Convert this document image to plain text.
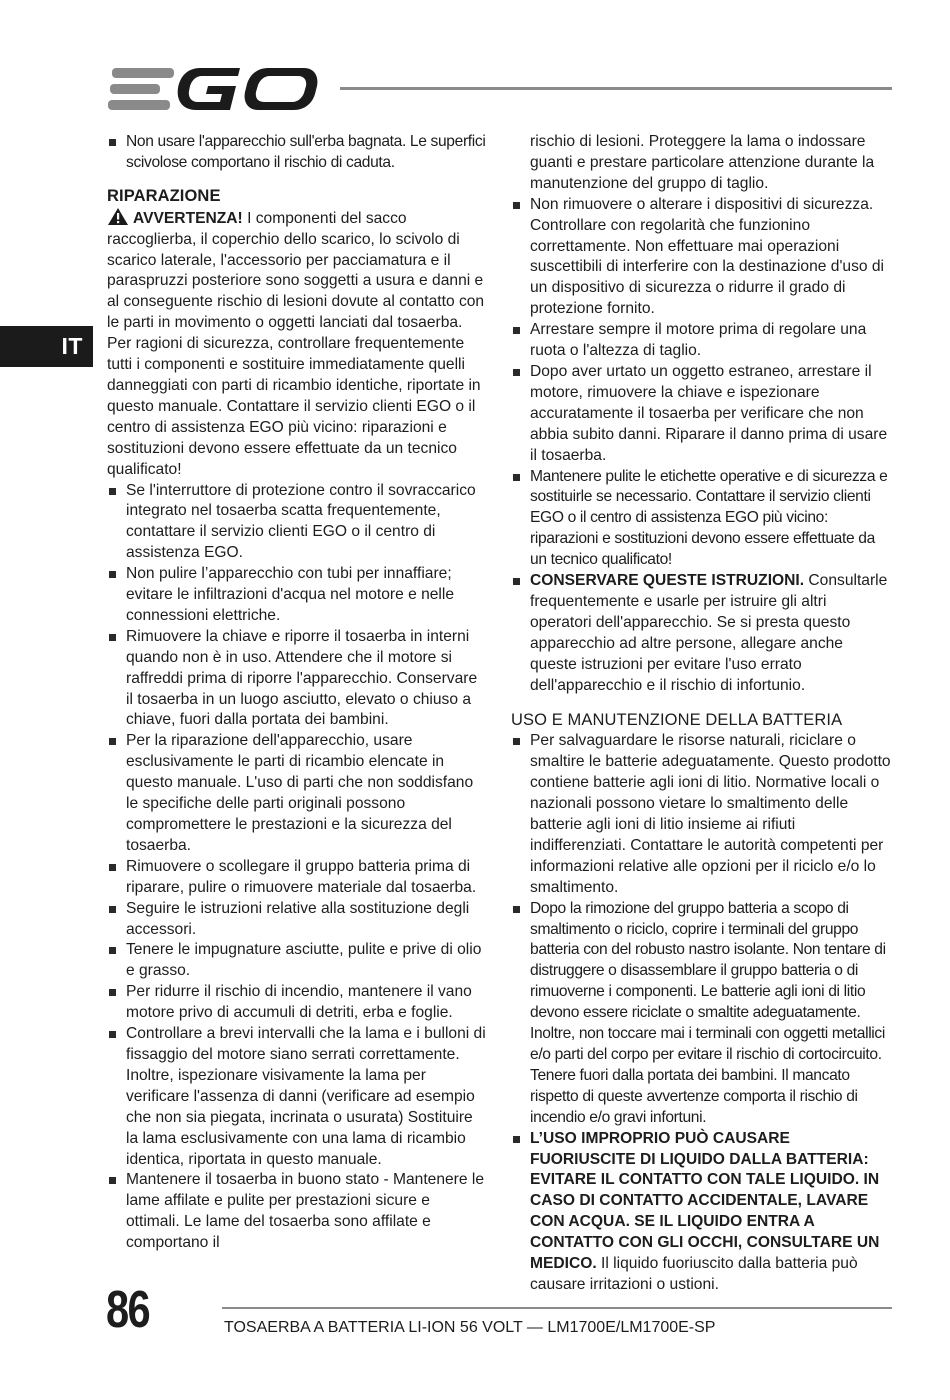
EGO
IT

Non usare l'apparecchio sull'erba bagnata. Le superfici scivolose comportano il rischio di caduta.

RIPARAZIONE

AVVERTENZA! I componenti del sacco raccoglierba, il coperchio dello scarico, lo scivolo di scarico laterale, l'accessorio per pacciamatura e il paraspruzzi posteriore sono soggetti a usura e danni e al conseguente rischio di lesioni dovute al contatto con le parti in movimento o oggetti lanciati dal tosaerba. Per ragioni di sicurezza, controllare frequentemente tutti i componenti e sostituire immediatamente quelli danneggiati con parti di ricambio identiche, riportate in questo manuale. Contattare il servizio clienti EGO o il centro di assistenza EGO più vicino: riparazioni e sostituzioni devono essere effettuate da un tecnico qualificato!

Se l'interruttore di protezione contro il sovraccarico integrato nel tosaerba scatta frequentemente, contattare il servizio clienti EGO o il centro di assistenza EGO.

Non pulire l’apparecchio con tubi per innaffiare; evitare le infiltrazioni d'acqua nel motore e nelle connessioni elettriche.

Rimuovere la chiave e riporre il tosaerba in interni quando non è in uso. Attendere che il motore si raffreddi prima di riporre l'apparecchio. Conservare il tosaerba in un luogo asciutto, elevato o chiuso a chiave, fuori dalla portata dei bambini.

Per la riparazione dell'apparecchio, usare esclusivamente le parti di ricambio elencate in questo manuale. L'uso di parti che non soddisfano le specifiche delle parti originali possono compromettere le prestazioni e la sicurezza del tosaerba.

Rimuovere o scollegare il gruppo batteria prima di riparare, pulire o rimuovere materiale dal tosaerba.

Seguire le istruzioni relative alla sostituzione degli accessori.

Tenere le impugnature asciutte, pulite e prive di olio e grasso.

Per ridurre il rischio di incendio, mantenere il vano motore privo di accumuli di detriti, erba e foglie.

Controllare a brevi intervalli che la lama e i bulloni di fissaggio del motore siano serrati correttamente. Inoltre, ispezionare visivamente la lama per verificare l'assenza di danni (verificare ad esempio che non sia piegata, incrinata o usurata) Sostituire la lama esclusivamente con una lama di ricambio identica, riportata in questo manuale.

Mantenere il tosaerba in buono stato - Mantenere le lame affilate e pulite per prestazioni sicure e ottimali. Le lame del tosaerba sono affilate e comportano il

rischio di lesioni. Proteggere la lama o indossare guanti e prestare particolare attenzione durante la manutenzione del gruppo di taglio.

Non rimuovere o alterare i dispositivi di sicurezza. Controllare con regolarità che funzionino correttamente. Non effettuare mai operazioni suscettibili di interferire con la destinazione d'uso di un dispositivo di sicurezza o ridurre il grado di protezione fornito.

Arrestare sempre il motore prima di regolare una ruota o l'altezza di taglio.

Dopo aver urtato un oggetto estraneo, arrestare il motore, rimuovere la chiave e ispezionare accuratamente il tosaerba per verificare che non abbia subito danni. Riparare il danno prima di usare il tosaerba.

Mantenere pulite le etichette operative e di sicurezza e sostituirle se necessario. Contattare il servizio clienti EGO o il centro di assistenza EGO più vicino: riparazioni e sostituzioni devono essere effettuate da un tecnico qualificato!

CONSERVARE QUESTE ISTRUZIONI. Consultarle frequentemente e usarle per istruire gli altri operatori dell'apparecchio. Se si presta questo apparecchio ad altre persone, allegare anche queste istruzioni per evitare l'uso errato dell'apparecchio e il rischio di infortunio.

USO E MANUTENZIONE DELLA BATTERIA

Per salvaguardare le risorse naturali, riciclare o smaltire le batterie adeguatamente. Questo prodotto contiene batterie agli ioni di litio. Normative locali o nazionali possono vietare lo smaltimento delle batterie agli ioni di litio insieme ai rifiuti indifferenziati. Contattare le autorità competenti per informazioni relative alle opzioni per il riciclo e/o lo smaltimento.

Dopo la rimozione del gruppo batteria a scopo di smaltimento o riciclo, coprire i terminali del gruppo batteria con del robusto nastro isolante. Non tentare di distruggere o disassemblare il gruppo batteria o di rimuoverne i componenti. Le batterie agli ioni di litio devono essere riciclate o smaltite adeguatamente. Inoltre, non toccare mai i terminali con oggetti metallici e/o parti del corpo per evitare il rischio di cortocircuito. Tenere fuori dalla portata dei bambini. Il mancato rispetto di queste avvertenze comporta il rischio di incendio e/o gravi infortuni.

L’USO IMPROPRIO PUÒ CAUSARE FUORIUSCITE DI LIQUIDO DALLA BATTERIA: EVITARE IL CONTATTO CON TALE LIQUIDO. IN CASO DI CONTATTO ACCIDENTALE, LAVARE CON ACQUA. SE IL LIQUIDO ENTRA A CONTATTO CON GLI OCCHI, CONSULTARE UN MEDICO. Il liquido fuoriuscito dalla batteria può causare irritazioni o ustioni.

86	TOSAERBA A BATTERIA LI-ION 56 VOLT — LM1700E/LM1700E-SP
